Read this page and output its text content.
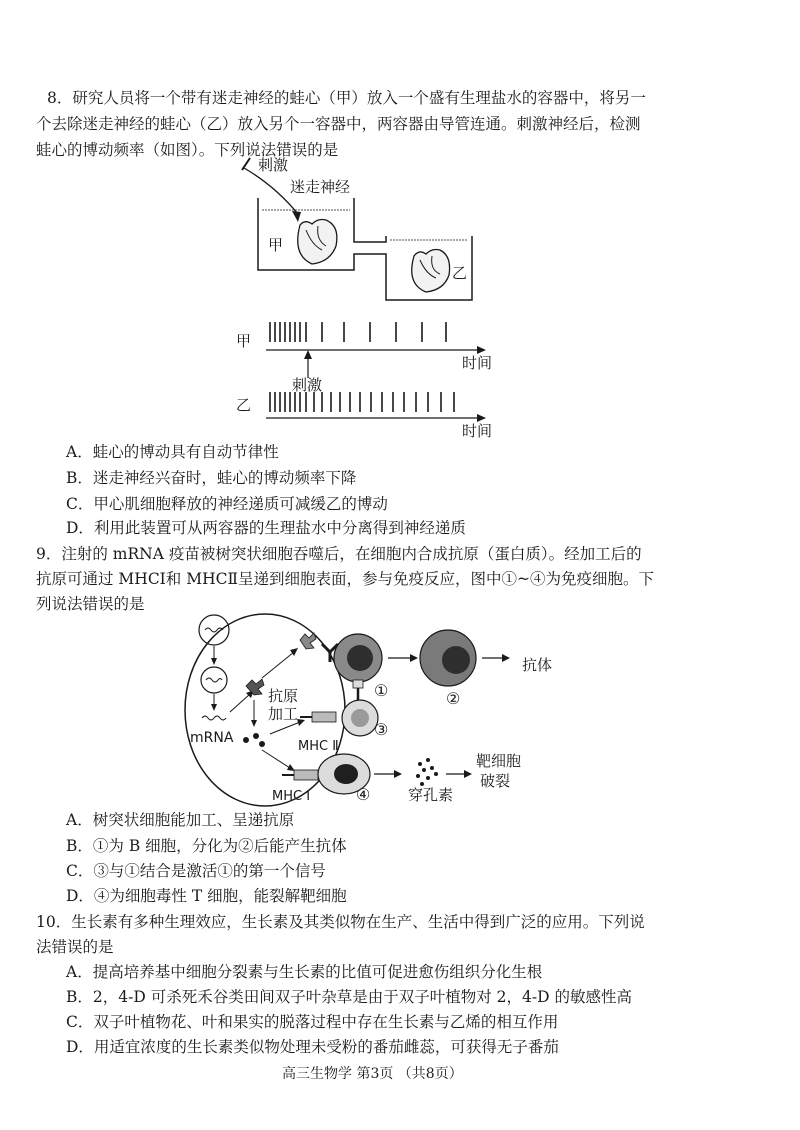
8．研究人员将一个带有迷走神经的蛙心（甲）放入一个盛有生理盐水的容器中，将另一
个去除迷走神经的蛙心（乙）放入另个一容器中，两容器由导管连通。刺激神经后，检测
蛙心的博动频率（如图）。下列说法错误的是
刺激
迷走神经
甲
乙
甲
时间
刺激
乙
时间
A．蛙心的博动具有自动节律性
B．迷走神经兴奋时，蛙心的博动频率下降
C．甲心肌细胞释放的神经递质可减缓乙的博动
D．利用此装置可从两容器的生理盐水中分离得到神经递质
9．注射的 mRNA 疫苗被树突状细胞吞噬后，在细胞内合成抗原（蛋白质）。经加工后的
抗原可通过 MHCⅠ和 MHCⅡ呈递到细胞表面，参与免疫反应，图中①~④为免疫细胞。下
列说法错误的是
mRNA
抗原
加工
①	②
抗体
③
MHC Ⅱ
④
MHC Ⅰ	穿孔素
靶细胞
破裂
A．树突状细胞能加工、呈递抗原
B．①为 B 细胞，分化为②后能产生抗体
C．③与①结合是激活①的第一个信号
D．④为细胞毒性 T 细胞，能裂解靶细胞
10．生长素有多种生理效应，生长素及其类似物在生产、生活中得到广泛的应用。下列说
法错误的是
A．提高培养基中细胞分裂素与生长素的比值可促进愈伤组织分化生根
B．2，4-D 可杀死禾谷类田间双子叶杂草是由于双子叶植物对 2，4-D 的敏感性高
C．双子叶植物花、叶和果实的脱落过程中存在生长素与乙烯的相互作用
D．用适宜浓度的生长素类似物处理未受粉的番茄雌蕊，可获得无子番茄
高三生物学 第3页 （共8页）
